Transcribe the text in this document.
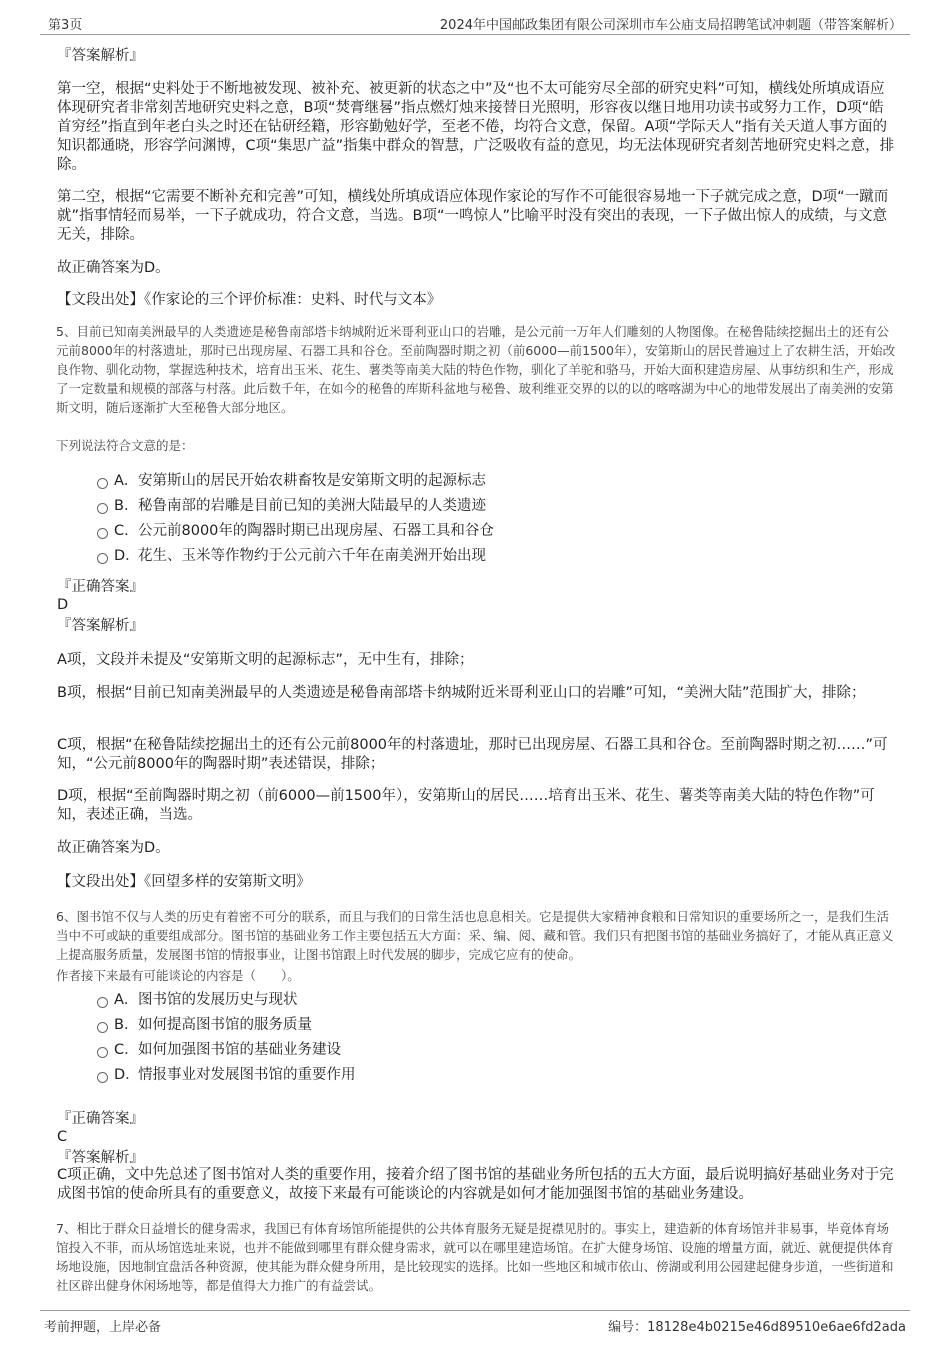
第3页	2024年中国邮政集团有限公司深圳市车公庙支局招聘笔试冲刺题（带答案解析）
『答案解析』

第一空，根据“史料处于不断地被发现、被补充、被更新的状态之中”及“也不太可能穷尽全部的研究史料”可知，横线处所填成语应体现研究者非常刻苦地研究史料之意，B项“焚膏继晷”指点燃灯烛来接替日光照明，形容夜以继日地用功读书或努力工作，D项“皓首穷经”指直到年老白头之时还在钻研经籍，形容勤勉好学，至老不倦，均符合文意，保留。A项“学际天人”指有关天道人事方面的知识都通晓，形容学问渊博，C项“集思广益”指集中群众的智慧，广泛吸收有益的意见，均无法体现研究者刻苦地研究史料之意，排除。

第二空，根据“它需要不断补充和完善”可知，横线处所填成语应体现作家论的写作不可能很容易地一下子就完成之意，D项“一蹴而就”指事情轻而易举，一下子就成功，符合文意，当选。B项“一鸣惊人”比喻平时没有突出的表现，一下子做出惊人的成绩，与文意无关，排除。

故正确答案为D。
【文段出处】《作家论的三个评价标准：史料、时代与文本》

5、目前已知南美洲最早的人类遗迹是秘鲁南部塔卡纳城附近米哥利亚山口的岩雕，是公元前一万年人们雕刻的人物图像。在秘鲁陆续挖掘出土的还有公元前8000年的村落遗址，那时已出现房屋、石器工具和谷仓。至前陶器时期之初（前6000—前1500年），安第斯山的居民普遍过上了农耕生活，开始改良作物、驯化动物，掌握选种技术，培育出玉米、花生、薯类等南美大陆的特色作物，驯化了羊驼和骆马，开始大面积建造房屋、从事纺织和生产，形成了一定数量和规模的部落与村落。此后数千年，在如今的秘鲁的库斯科盆地与秘鲁、玻利维亚交界的以的以的喀喀湖为中心的地带发展出了南美洲的安第斯文明，随后逐渐扩大至秘鲁大部分地区。

下列说法符合文意的是：
A．安第斯山的居民开始农耕畜牧是安第斯文明的起源标志
B．秘鲁南部的岩雕是目前已知的美洲大陆最早的人类遗迹
C．公元前8000年的陶器时期已出现房屋、石器工具和谷仓
D．花生、玉米等作物约于公元前六千年在南美洲开始出现
『正确答案』
D
『答案解析』
A项，文段并未提及“安第斯文明的起源标志”，无中生有，排除；
B项，根据“目前已知南美洲最早的人类遗迹是秘鲁南部塔卡纳城附近米哥利亚山口的岩雕”可知，“美洲大陆”范围扩大，排除；
C项，根据“在秘鲁陆续挖掘出土的还有公元前8000年的村落遗址，那时已出现房屋、石器工具和谷仓。至前陶器时期之初……”可知，“公元前8000年的陶器时期”表述错误，排除；
D项，根据“至前陶器时期之初（前6000—前1500年），安第斯山的居民……培育出玉米、花生、薯类等南美大陆的特色作物”可知，表述正确，当选。
故正确答案为D。
【文段出处】《回望多样的安第斯文明》

6、图书馆不仅与人类的历史有着密不可分的联系，而且与我们的日常生活也息息相关。它是提供大家精神食粮和日常知识的重要场所之一，是我们生活当中不可或缺的重要组成部分。图书馆的基础业务工作主要包括五大方面：采、编、阅、藏和管。我们只有把图书馆的基础业务搞好了，才能从真正意义上提高服务质量，发展图书馆的情报事业，让图书馆跟上时代发展的脚步，完成它应有的使命。

作者接下来最有可能谈论的内容是（　　）。
A．图书馆的发展历史与现状
B．如何提高图书馆的服务质量
C．如何加强图书馆的基础业务建设
D．情报事业对发展图书馆的重要作用
『正确答案』
C
『答案解析』

C项正确，文中先总述了图书馆对人类的重要作用，接着介绍了图书馆的基础业务所包括的五大方面，最后说明搞好基础业务对于完成图书馆的使命所具有的重要意义，故接下来最有可能谈论的内容就是如何才能加强图书馆的基础业务建设。

7、相比于群众日益增长的健身需求，我国已有体育场馆所能提供的公共体育服务无疑是捉襟见肘的。事实上，建造新的体育场馆并非易事，毕竟体育场馆投入不菲，而从场馆选址来说，也并不能做到哪里有群众健身需求，就可以在哪里建造场馆。在扩大健身场馆、设施的增量方面，就近、就便提供体育场地设施，因地制宜盘活各种资源，使其能为群众健身所用，是比较现实的选择。比如一些地区和城市依山、傍湖或利用公园建起健身步道，一些街道和社区辟出健身休闲场地等，都是值得大力推广的有益尝试。

考前押题，上岸必备	编号：18128e4b0215e46d89510e6ae6fd2ada
